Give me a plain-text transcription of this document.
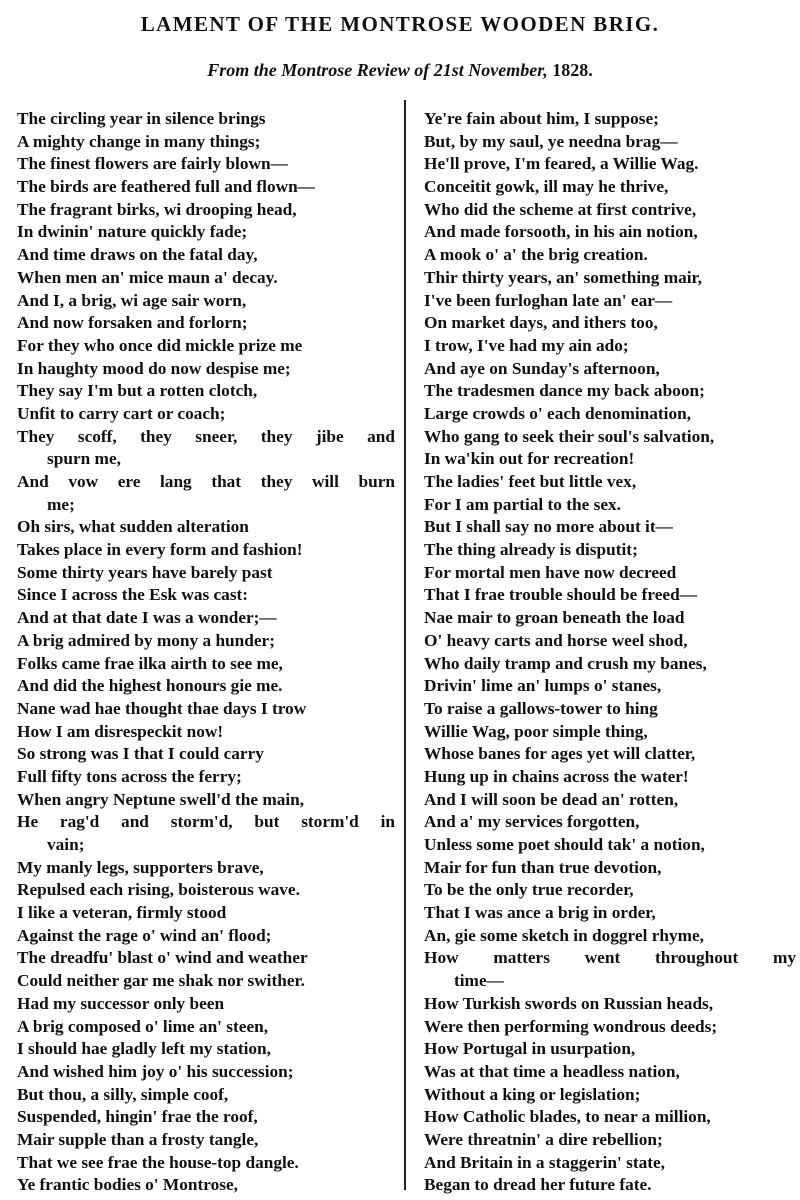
LAMENT OF THE MONTROSE WOODEN BRIG.

From the Montrose Review of 21st November, 1828.

The circling year in silence brings
A mighty change in many things;
The finest flowers are fairly blown—
The birds are feathered full and flown—
The fragrant birks, wi drooping head,
In dwinin' nature quickly fade;
And time draws on the fatal day,
When men an' mice maun a' decay.
And I, a brig, wi age sair worn,
And now forsaken and forlorn;
For they who once did mickle prize me
In haughty mood do now despise me;
They say I'm but a rotten clotch,
Unfit to carry cart or coach;
They scoff, they sneer, they jibe and
spurn me,
And vow ere lang that they will burn
me;
Oh sirs, what sudden alteration
Takes place in every form and fashion!
Some thirty years have barely past
Since I across the Esk was cast:
And at that date I was a wonder;—
A brig admired by mony a hunder;
Folks came frae ilka airth to see me,
And did the highest honours gie me.
Nane wad hae thought thae days I trow
How I am disrespeckit now!
So strong was I that I could carry
Full fifty tons across the ferry;
When angry Neptune swell'd the main,
He rag'd and storm'd, but storm'd in
vain;
My manly legs, supporters brave,
Repulsed each rising, boisterous wave.
I like a veteran, firmly stood
Against the rage o' wind an' flood;
The dreadfu' blast o' wind and weather
Could neither gar me shak nor swither.
Had my successor only been
A brig composed o' lime an' steen,
I should hae gladly left my station,
And wished him joy o' his succession;
But thou, a silly, simple coof,
Suspended, hingin' frae the roof,
Mair supple than a frosty tangle,
That we see frae the house-top dangle.
Ye frantic bodies o' Montrose,
Ye're fain about him, I suppose;
But, by my saul, ye needna brag—
He'll prove, I'm feared, a Willie Wag.
Conceitit gowk, ill may he thrive,
Who did the scheme at first contrive,
And made forsooth, in his ain notion,
A mook o' a' the brig creation.
Thir thirty years, an' something mair,
I've been furloghan late an' ear—
On market days, and ithers too,
I trow, I've had my ain ado;
And aye on Sunday's afternoon,
The tradesmen dance my back aboon;
Large crowds o' each denomination,
Who gang to seek their soul's salvation,
In wa'kin out for recreation!
The ladies' feet but little vex,
For I am partial to the sex.
But I shall say no more about it—
The thing already is disputit;
For mortal men have now decreed
That I frae trouble should be freed—
Nae mair to groan beneath the load
O' heavy carts and horse weel shod,
Who daily tramp and crush my banes,
Drivin' lime an' lumps o' stanes,
To raise a gallows-tower to hing
Willie Wag, poor simple thing,
Whose banes for ages yet will clatter,
Hung up in chains across the water!
And I will soon be dead an' rotten,
And a' my services forgotten,
Unless some poet should tak' a notion,
Mair for fun than true devotion,
To be the only true recorder,
That I was ance a brig in order,
An, gie some sketch in doggrel rhyme,
How matters went throughout my
time—
How Turkish swords on Russian heads,
Were then performing wondrous deeds;
How Portugal in usurpation,
Was at that time a headless nation,
Without a king or legislation;
How Catholic blades, to near a million,
Were threatnin' a dire rebellion;
And Britain in a staggerin' state,
Began to dread her future fate.
